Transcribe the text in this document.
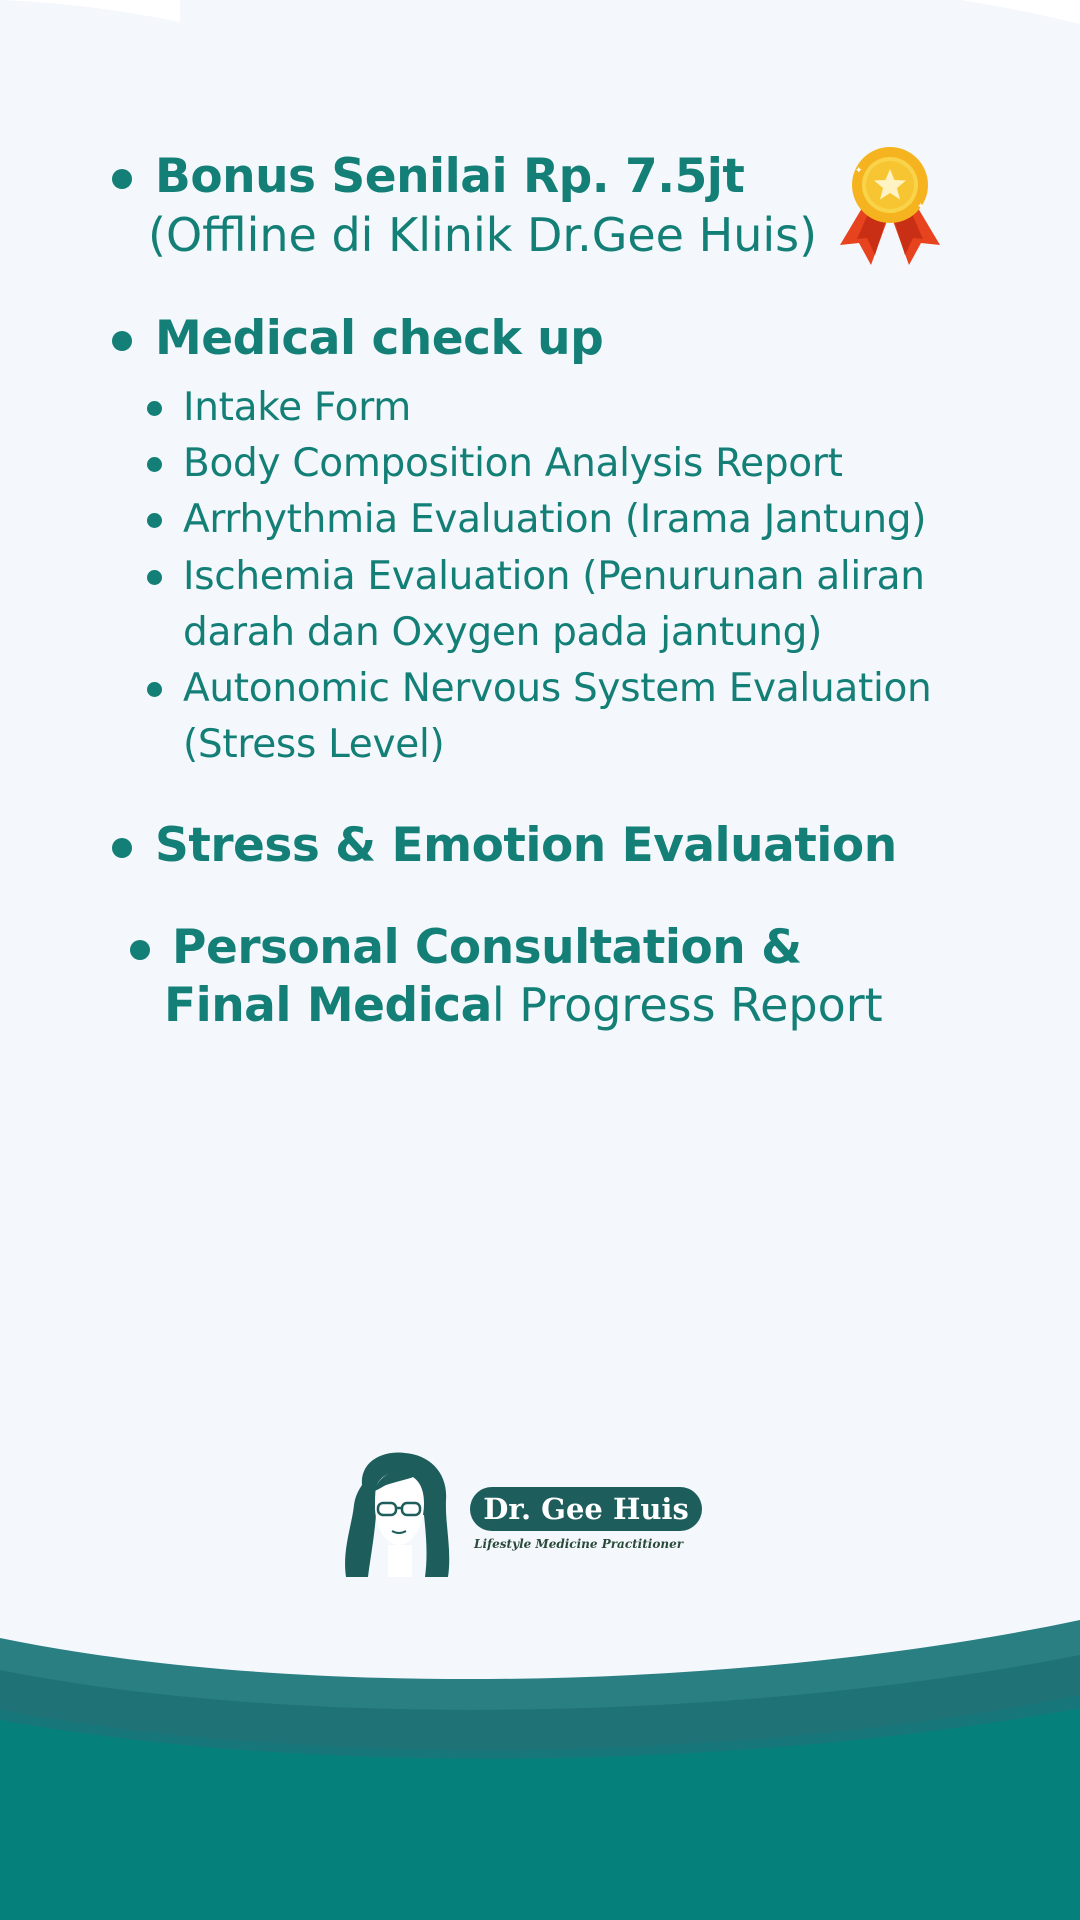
Bonus Senilai Rp. 7.5jt
(Offline di Klinik Dr.Gee Huis)
✦
✦
Medical check up
Intake Form
Body Composition Analysis Report
Arrhythmia Evaluation (Irama Jantung)
Ischemia Evaluation (Penurunan aliran
darah dan Oxygen pada jantung)
Autonomic Nervous System Evaluation
(Stress Level)
Stress & Emotion Evaluation
Personal Consultation &
Final Medical Progress Report
Dr. Gee Huis
Lifestyle Medicine Practitioner
